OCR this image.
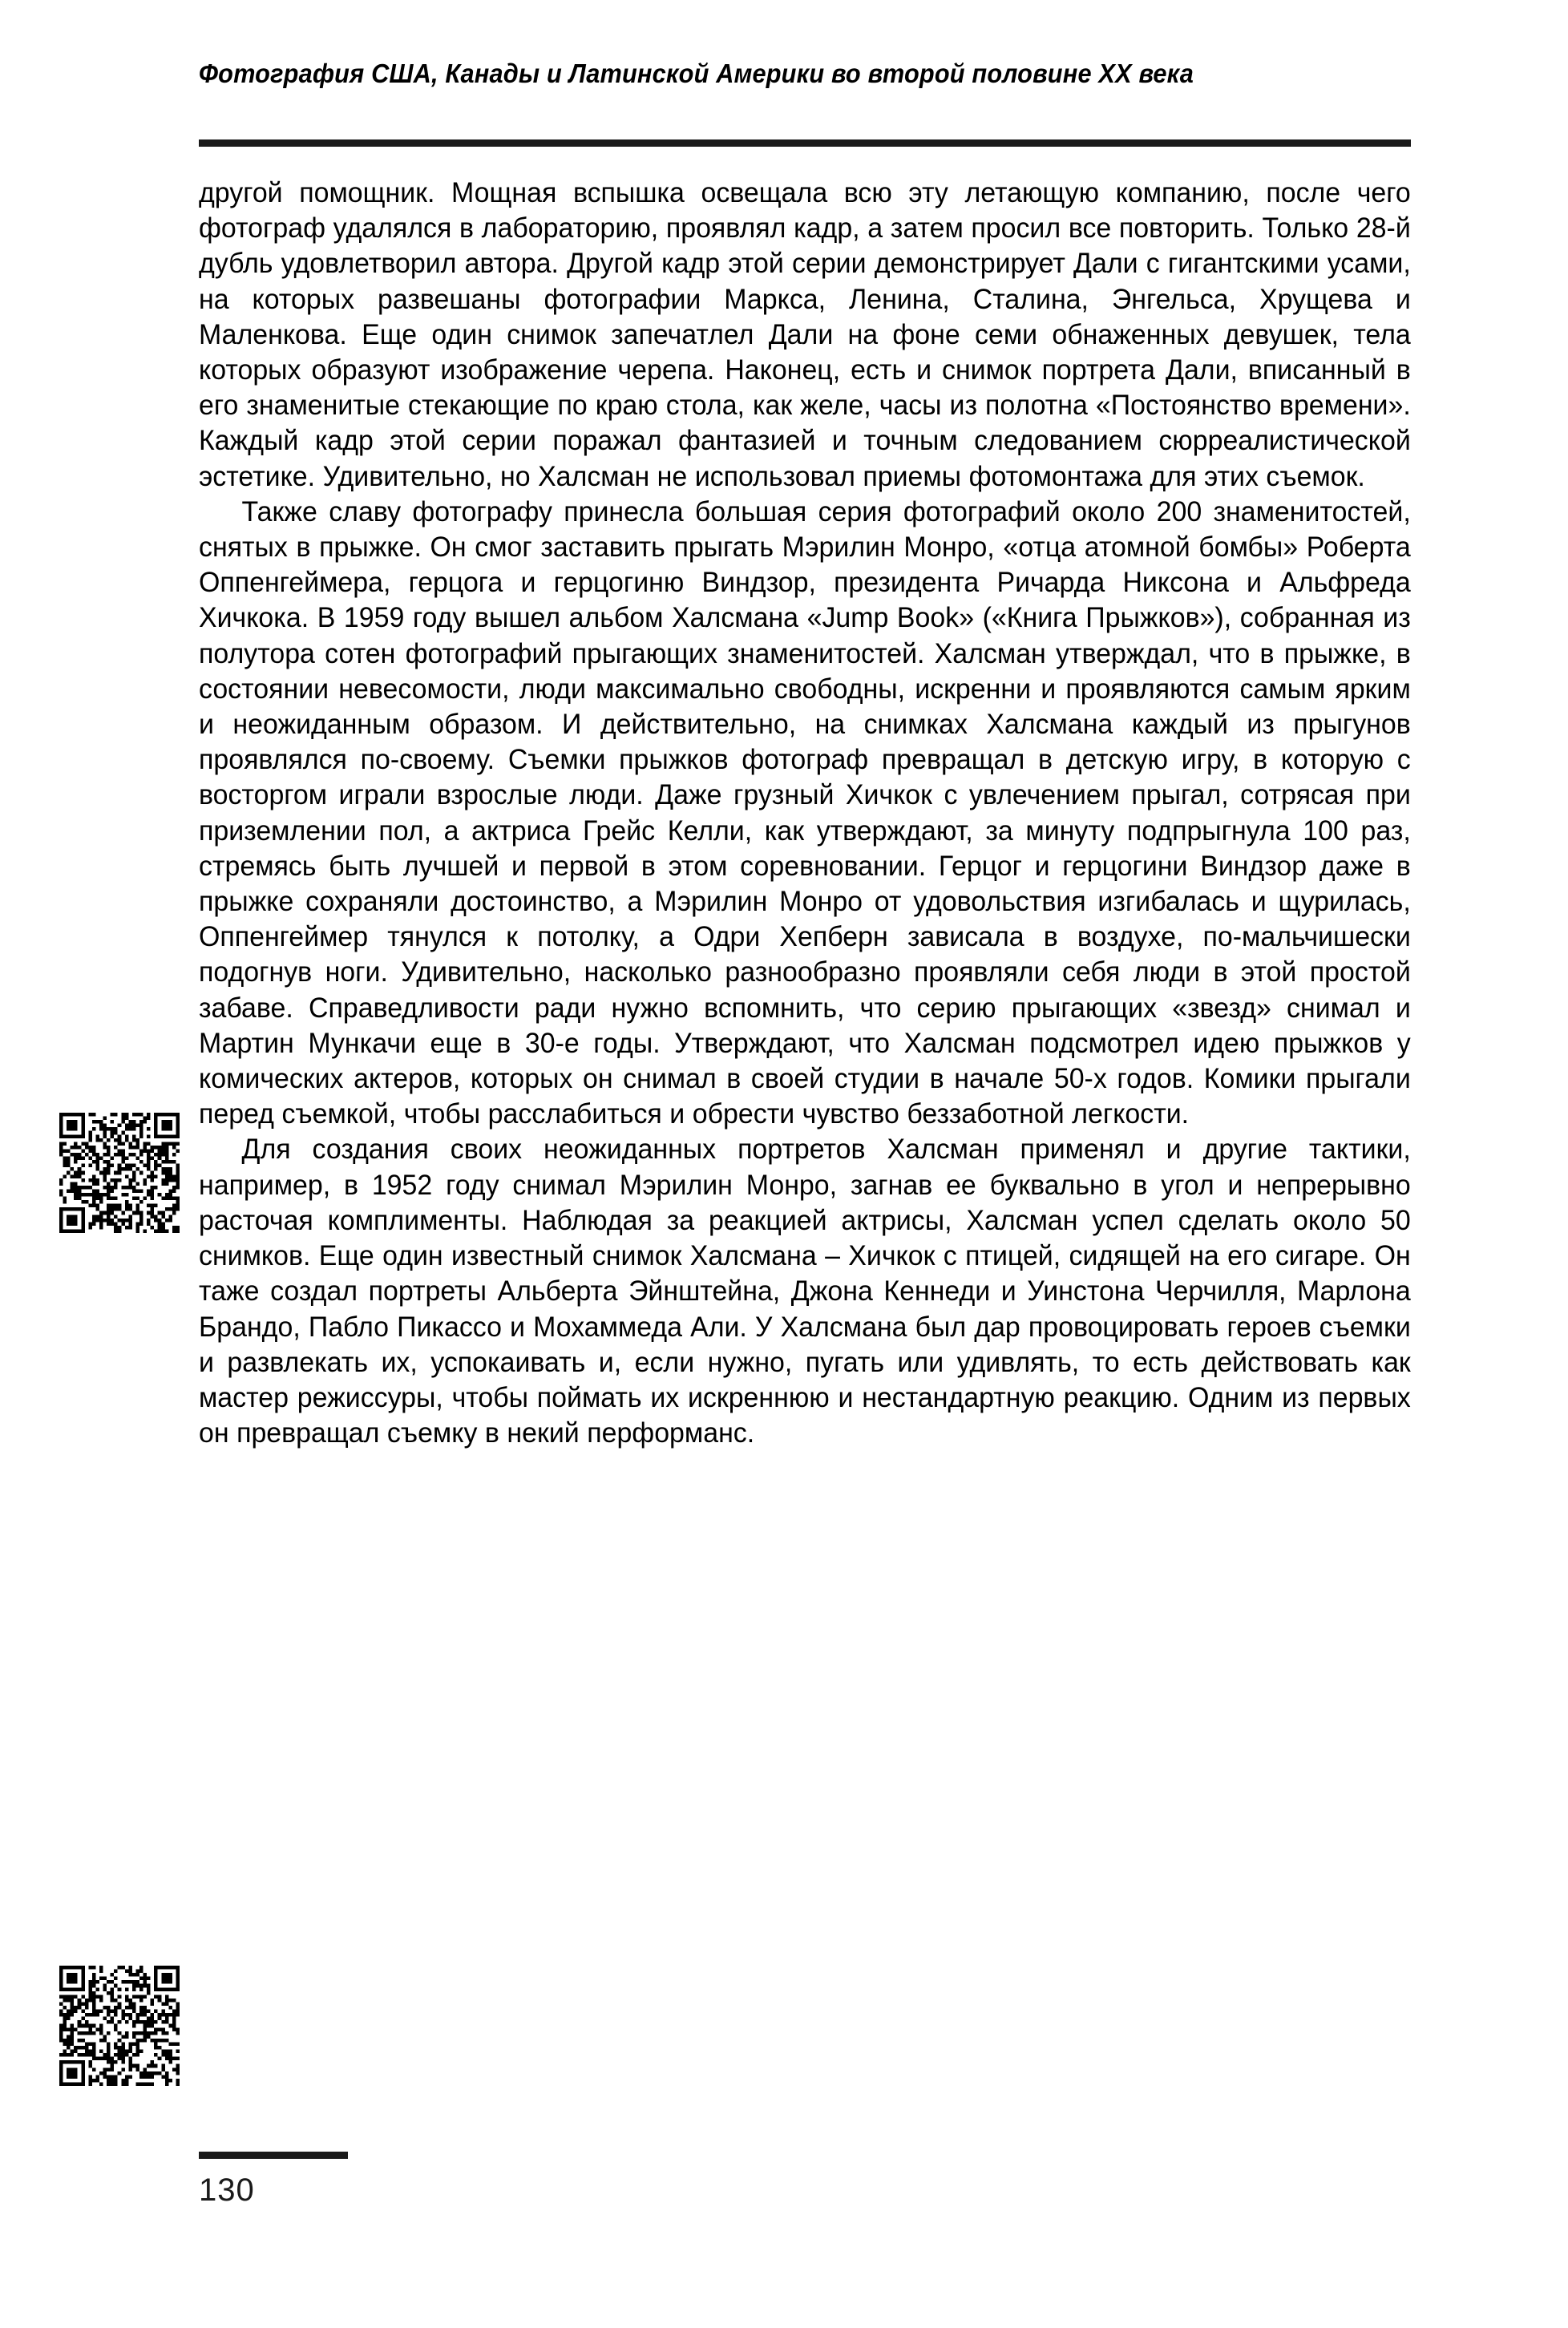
Фотография США, Канады и Латинской Америки во второй половине XX века

другой помощник. Мощная вспышка освещала всю эту летающую компанию, после чего фотограф удалялся в лабораторию, проявлял кадр, а затем просил все повторить. Только 28-й дубль удовлетворил автора. Другой кадр этой серии демонстрирует Дали с гигантскими усами, на которых развешаны фотографии Маркса, Ленина, Сталина, Энгельса, Хрущева и Маленкова. Еще один снимок запечатлел Дали на фоне семи обнаженных девушек, тела которых образуют изображение черепа. Наконец, есть и снимок портрета Дали, вписанный в его знаменитые стекающие по краю стола, как желе, часы из полотна «Постоянство времени». Каждый кадр этой серии поражал фантазией и точным следованием сюрреалистической эстетике. Удивительно, но Халсман не использовал приемы фотомонтажа для этих съемок.

Также славу фотографу принесла большая серия фотографий около 200 знаменитостей, снятых в прыжке. Он смог заставить прыгать Мэрилин Монро, «отца атомной бомбы» Роберта Оппенгеймера, герцога и герцогиню Виндзор, президента Ричарда Никсона и Альфреда Хичкока. В 1959 году вышел альбом Халсмана «Jump Book» («Книга Прыжков»), собранная из полутора сотен фотографий прыгающих знаменитостей. Халсман утверждал, что в прыжке, в состоянии невесомости, люди максимально свободны, искренни и проявляются самым ярким и неожиданным образом. И действительно, на снимках Халсмана каждый из прыгунов проявлялся по-своему. Съемки прыжков фотограф превращал в детскую игру, в которую с восторгом играли взрослые люди. Даже грузный Хичкок с увлечением прыгал, сотрясая при приземлении пол, а актриса Грейс Келли, как утверждают, за минуту подпрыгнула 100 раз, стремясь быть лучшей и первой в этом соревновании. Герцог и герцогини Виндзор даже в прыжке сохраняли достоинство, а Мэрилин Монро от удовольствия изгибалась и щурилась, Оппенгеймер тянулся к потолку, а Одри Хепберн зависала в воздухе, по-мальчишески подогнув ноги. Удивительно, насколько разнообразно проявляли себя люди в этой простой забаве. Справедливости ради нужно вспомнить, что серию прыгающих «звезд» снимал и Мартин Мункачи еще в 30-е годы. Утверждают, что Халсман подсмотрел идею прыжков у комических актеров, которых он снимал в своей студии в начале 50-х годов. Комики прыгали перед съемкой, чтобы расслабиться и обрести чувство беззаботной легкости.

Для создания своих неожиданных портретов Халсман применял и другие тактики, например, в 1952 году снимал Мэрилин Монро, загнав ее буквально в угол и непрерывно расточая комплименты. Наблюдая за реакцией актрисы, Халсман успел сделать около 50 снимков. Еще один известный снимок Халсмана – Хичкок с птицей, сидящей на его сигаре. Он таже создал портреты Альберта Эйнштейна, Джона Кеннеди и Уинстона Черчилля, Марлона Брандо, Пабло Пикассо и Мохаммеда Али. У Халсмана был дар провоцировать героев съемки и развлекать их, успокаивать и, если нужно, пугать или удивлять, то есть действовать как мастер режиссуры, чтобы поймать их искреннюю и нестандартную реакцию. Одним из первых он превращал съемку в некий перформанс.

130
